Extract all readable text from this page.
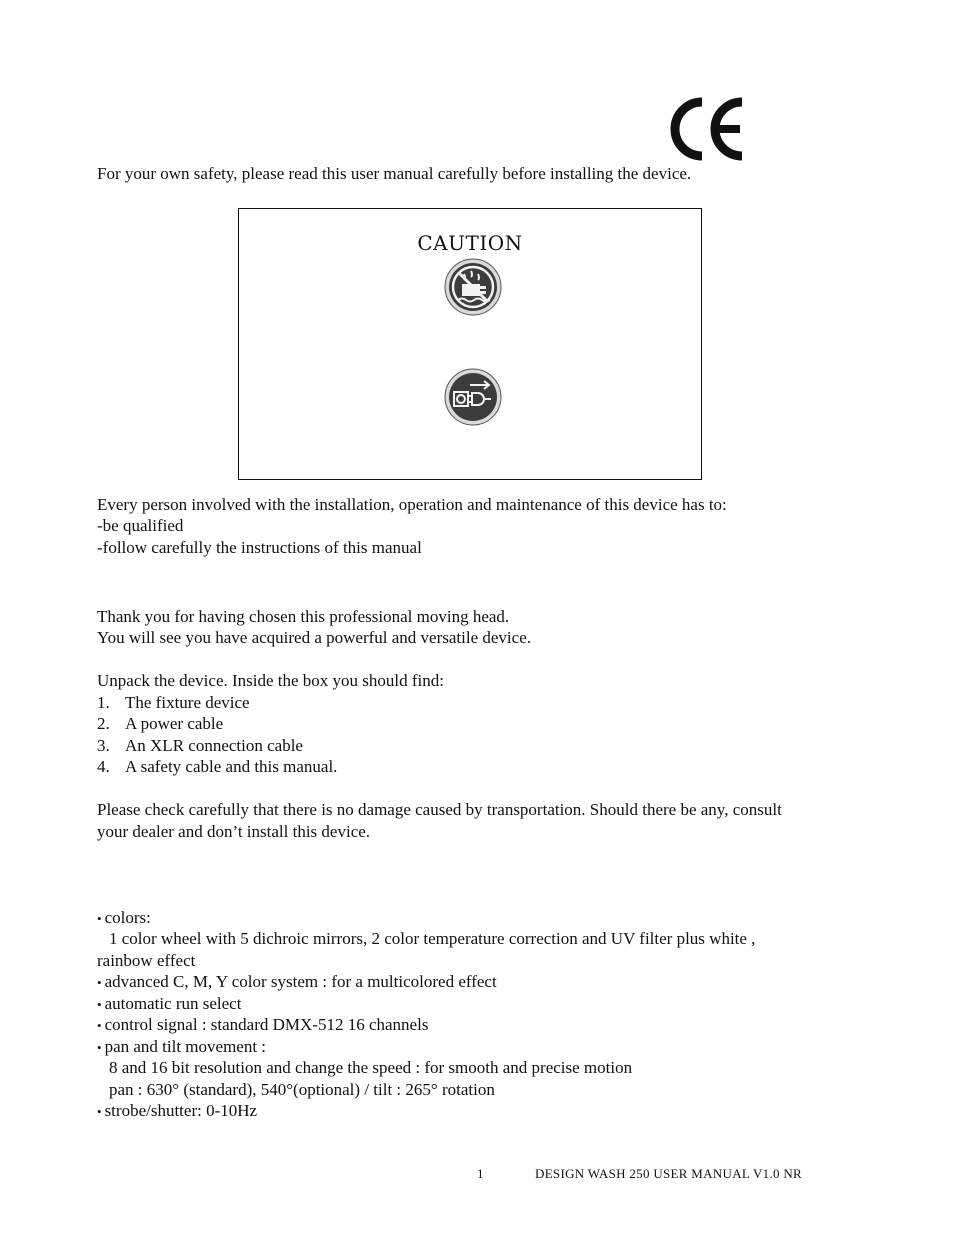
For your own safety, please read this user manual carefully before installing the device.
CAUTION
Every person involved with the installation, operation and maintenance of this device has to:
-be qualified
-follow carefully the instructions of this manual
Thank you for having chosen this professional moving head.
You will see you have acquired a powerful and versatile device.
Unpack the device. Inside the box you should find:
1. The fixture device
2. A power cable
3. An XLR connection cable
4. A safety cable and this manual.
Please check carefully that there is no damage caused by transportation. Should there be any, consult
your dealer and don’t install this device.
• colors:
1 color wheel with 5 dichroic mirrors, 2 color temperature correction and UV filter plus white ,
rainbow effect
• advanced C, M, Y color system : for a multicolored effect
• automatic run select
• control signal : standard DMX-512 16 channels
• pan and tilt movement :
8 and 16 bit resolution and change the speed : for smooth and precise motion
pan : 630° (standard), 540°(optional) / tilt : 265° rotation
• strobe/shutter: 0-10Hz
1	DESIGN WASH 250 USER MANUAL V1.0 NR
